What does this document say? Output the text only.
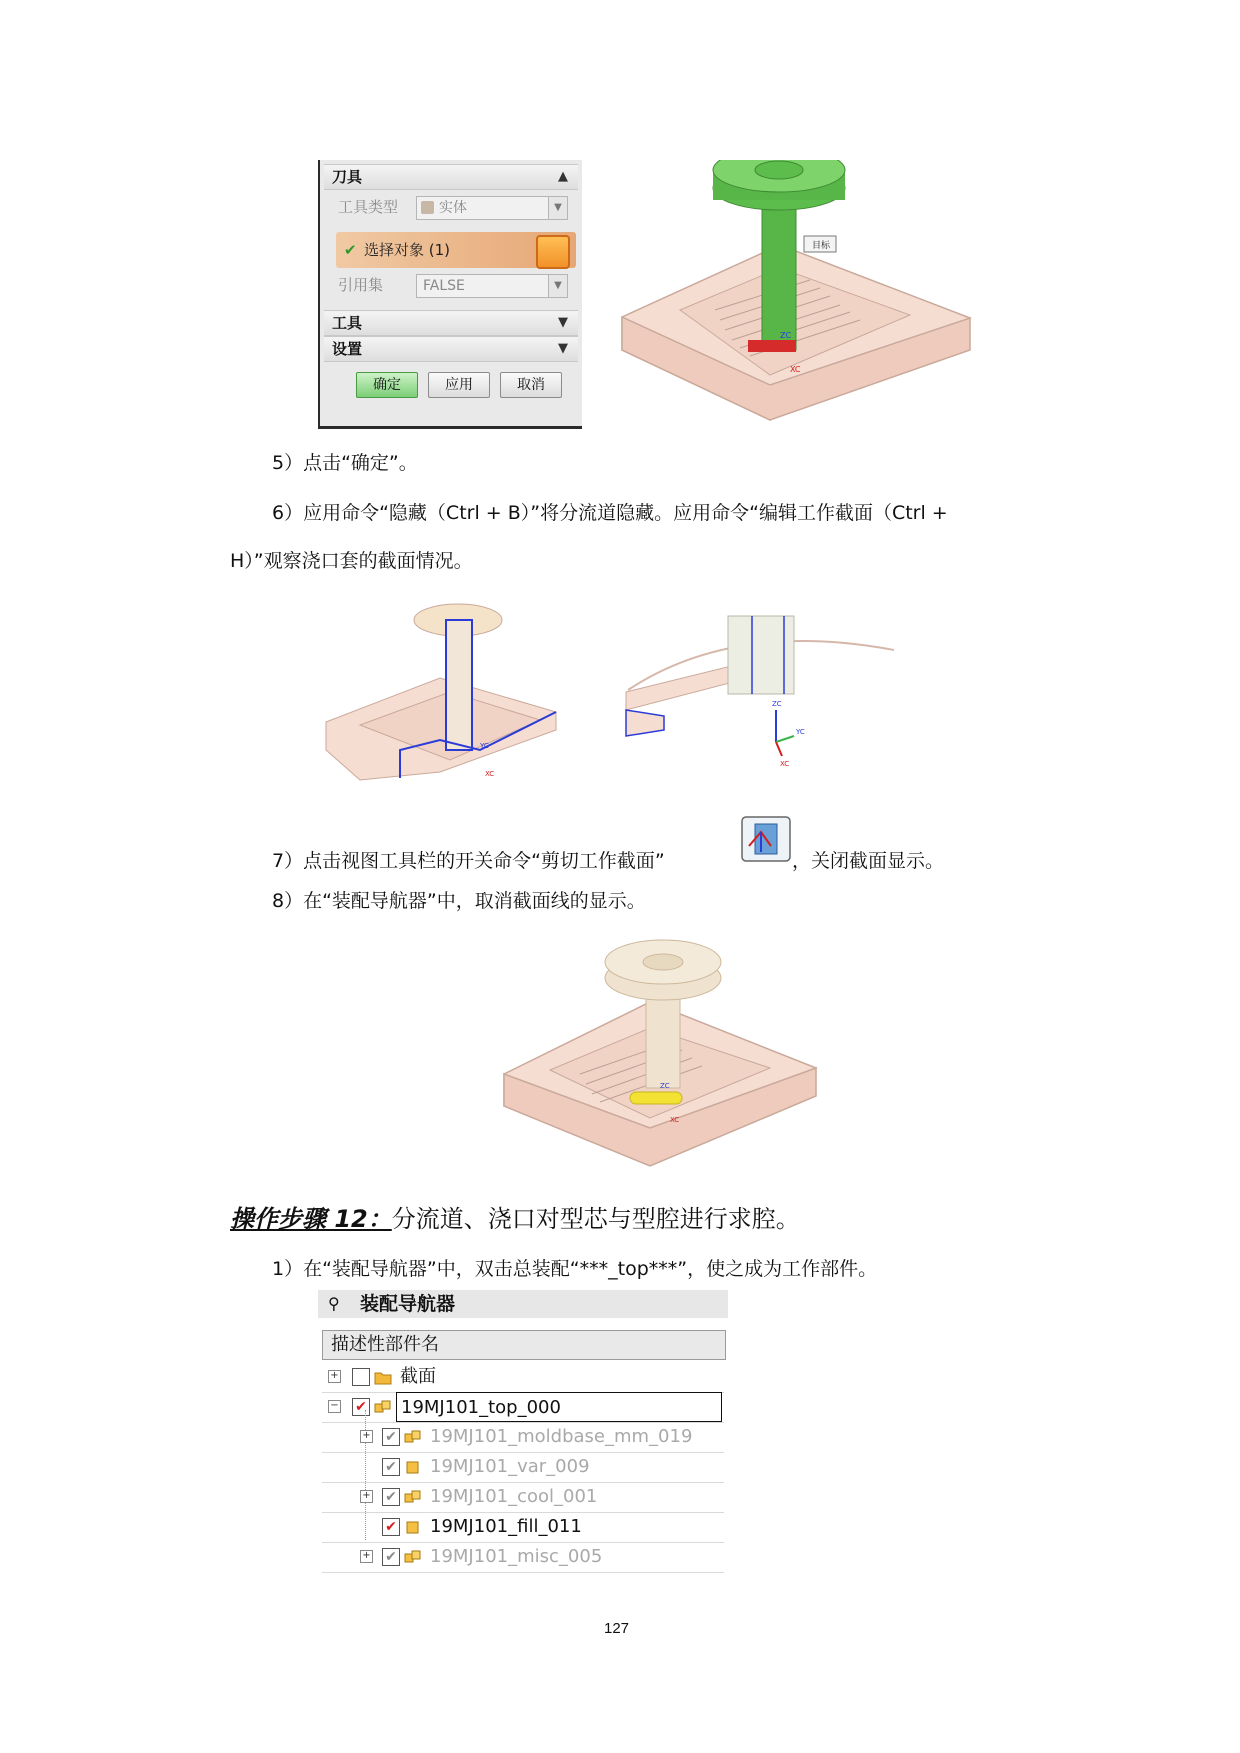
刀具	▲
工具类型	实体	▼
✔ 选择对象 (1)
引用集	FALSE	▼
工具	▼
设置	▼
确定	应用	取消
目标
ZC
XC
5）点击“确定”。
6）应用命令“隐藏（Ctrl + B）”将分流道隐藏。应用命令“编辑工作截面（Ctrl +
H）”观察浇口套的截面情况。
YC
XC
ZC
YC
XC
7）点击视图工具栏的开关命令“剪切工作截面”	，关闭截面显示。
8）在“装配导航器”中，取消截面线的显示。
ZC
XC
操作步骤 12：分流道、浇口对型芯与型腔进行求腔。
1）在“装配导航器”中，双击总装配“***_top***”，使之成为工作部件。
⚲ 装配导航器
描述性部件名
+	截面
− ✔ 19MJ101_top_000
+ ✔ 19MJ101_moldbase_mm_019
✔ 19MJ101_var_009
+ ✔ 19MJ101_cool_001
✔ 19MJ101_fill_011
+ ✔ 19MJ101_misc_005
127
